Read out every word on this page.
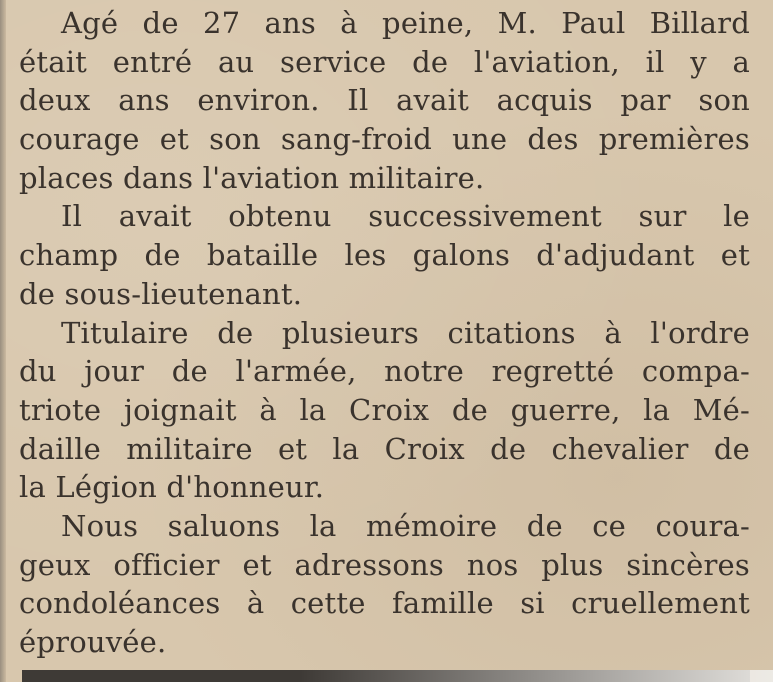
Agé de 27 ans à peine, M. Paul Billard
était entré au service de l'aviation, il y a
deux ans environ. Il avait acquis par son
courage et son sang-froid une des premières
places dans l'aviation militaire.
Il avait obtenu successivement sur le
champ de bataille les galons d'adjudant et
de sous-lieutenant.
Titulaire de plusieurs citations à l'ordre
du jour de l'armée, notre regretté compa-
triote joignait à la Croix de guerre, la Mé-
daille militaire et la Croix de chevalier de
la Légion d'honneur.
Nous saluons la mémoire de ce coura-
geux officier et adressons nos plus sincères
condoléances à cette famille si cruellement
éprouvée.
